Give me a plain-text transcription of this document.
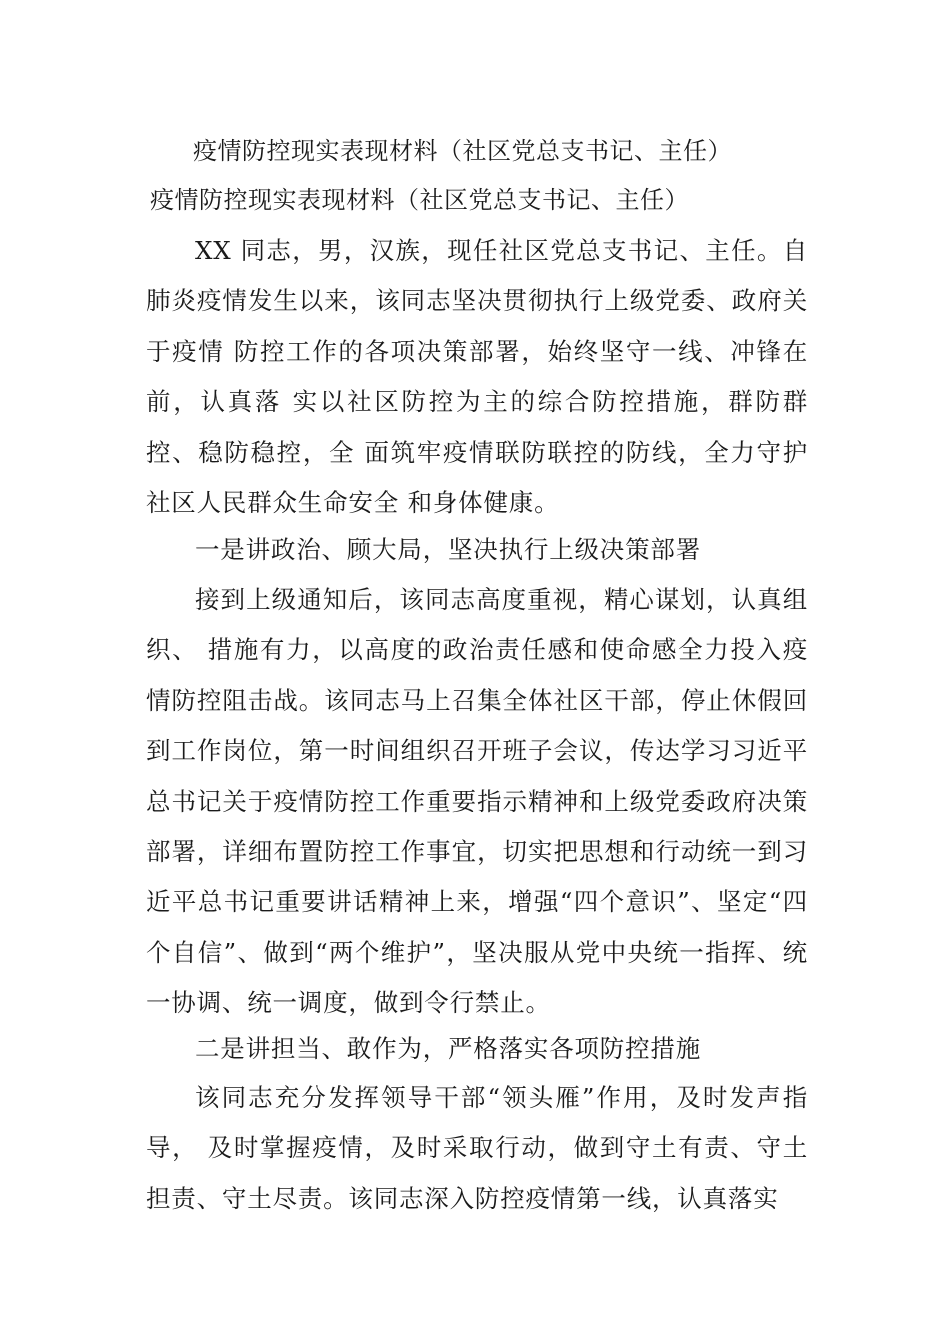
疫情防控现实表现材料（社区党总支书记、主任）
疫情防控现实表现材料（社区党总支书记、主任）

XX 同志，男，汉族，现任社区党总支书记、主任。自肺炎疫情发生以来，该同志坚决贯彻执行上级党委、政府关于疫情 防控工作的各项决策部署，始终坚守一线、冲锋在前，认真落 实以社区防控为主的综合防控措施，群防群控、稳防稳控，全 面筑牢疫情联防联控的防线，全力守护社区人民群众生命安全 和身体健康。

一是讲政治、顾大局，坚决执行上级决策部署

接到上级通知后，该同志高度重视，精心谋划，认真组织、 措施有力，以高度的政治责任感和使命感全力投入疫情防控阻击战。该同志马上召集全体社区干部，停止休假回到工作岗位，第一时间组织召开班子会议，传达学习习近平总书记关于疫情防控工作重要指示精神和上级党委政府决策部署，详细布置防控工作事宜，切实把思想和行动统一到习近平总书记重要讲话精神上来，增强“四个意识”、坚定“四个自信”、做到“两个维护”，坚决服从党中央统一指挥、统一协调、统一调度，做到令行禁止。

二是讲担当、敢作为，严格落实各项防控措施

该同志充分发挥领导干部“领头雁”作用，及时发声指导， 及时掌握疫情，及时采取行动，做到守土有责、守土担责、守土尽责。该同志深入防控疫情第一线，认真落实
